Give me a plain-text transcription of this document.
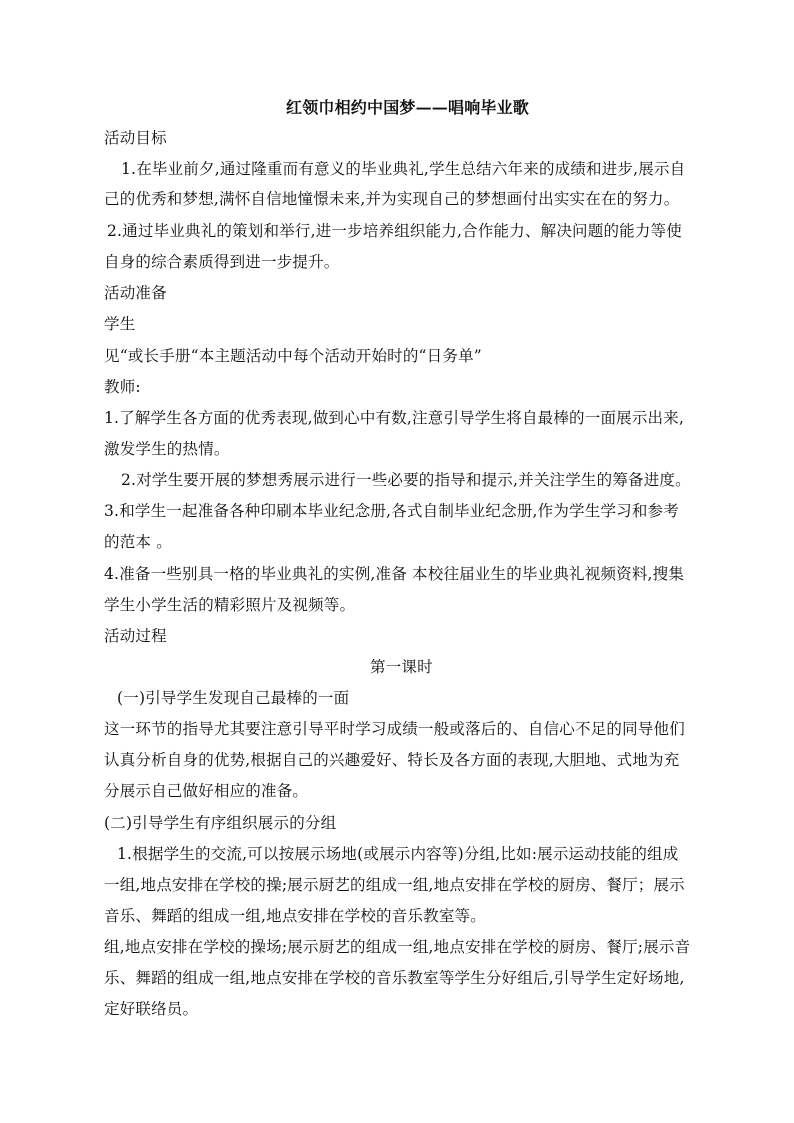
红领巾相约中国梦——唱响毕业歌
活动目标
1.在毕业前夕,通过隆重而有意义的毕业典礼,学生总结六年来的成绩和进步,展示自
己的优秀和梦想,满怀自信地憧憬未来,并为实现自己的梦想画付出实实在在的努力。
2.通过毕业典礼的策划和举行,进一步培养组织能力,合作能力、解决问题的能力等使
自身的综合素质得到进一步提升。
活动准备
学生
见“或长手册“本主题活动中每个活动开始时的“日务单”
教师:
1.了解学生各方面的优秀表现,做到心中有数,注意引导学生将自最棒的一面展示出来,
激发学生的热情。
2.对学生要开展的梦想秀展示进行一些必要的指导和提示,并关注学生的筹备进度。
3.和学生一起准备各种印刷本毕业纪念册,各式自制毕业纪念册,作为学生学习和参考
的范本 。
4.准备一些别具一格的毕业典礼的实例,准备 本校往届业生的毕业典礼视频资料,搜集
学生小学生活的精彩照片及视频等。
活动过程
第一课时
(一)引导学生发现自己最棒的一面
这一环节的指导尤其要注意引导平时学习成绩一般或落后的、自信心不足的同导他们
认真分析自身的优势,根据自己的兴趣爱好、特长及各方面的表现,大胆地、式地为充
分展示自己做好相应的准备。
(二)引导学生有序组织展示的分组
1.根据学生的交流,可以按展示场地(或展示内容等)分组,比如:展示运动技能的组成
一组,地点安排在学校的操;展示厨艺的组成一组,地点安排在学校的厨房、餐厅；展示
音乐、舞蹈的组成一组,地点安排在学校的音乐教室等。
组,地点安排在学校的操场;展示厨艺的组成一组,地点安排在学校的厨房、餐厅;展示音
乐、舞蹈的组成一组,地点安排在学校的音乐教室等学生分好组后,引导学生定好场地,
定好联络员。
